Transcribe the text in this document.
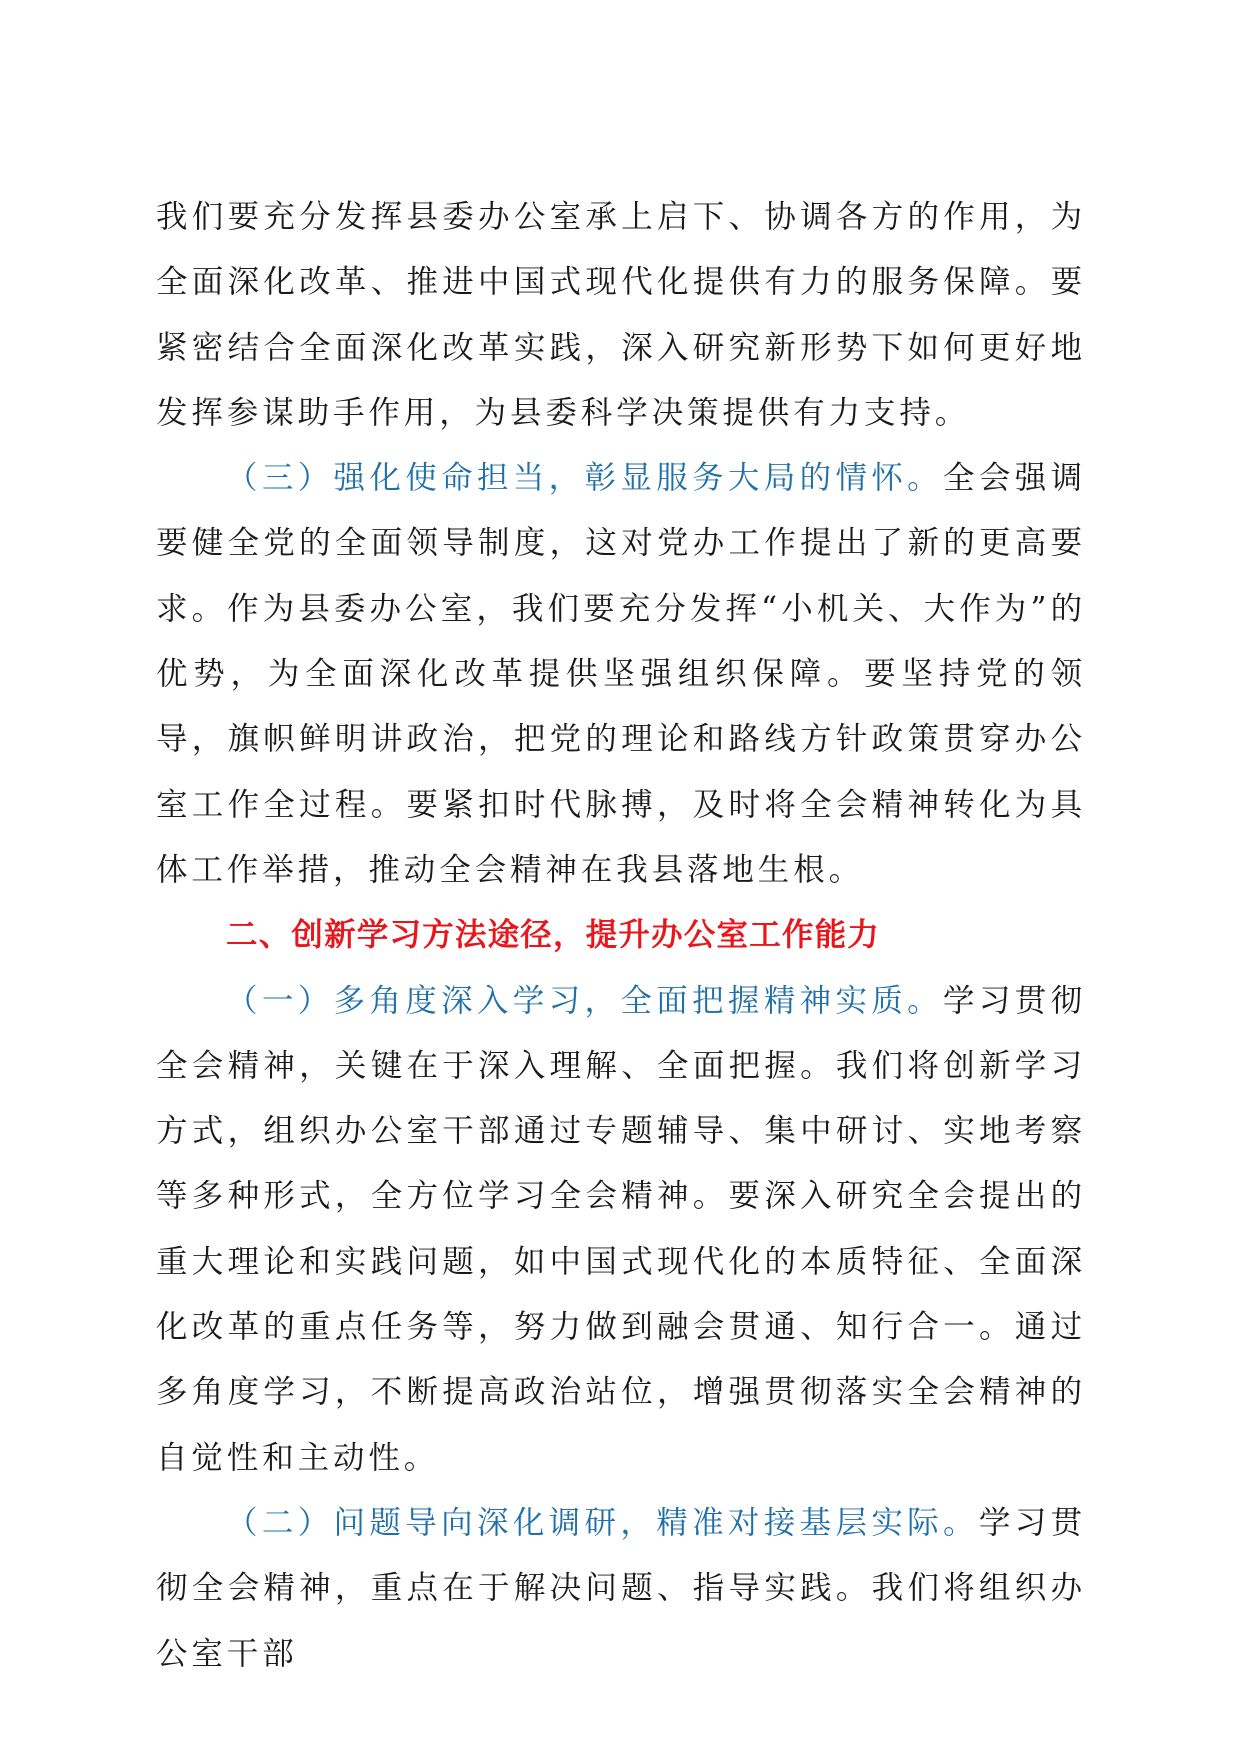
我们要充分发挥县委办公室承上启下、协调各方的作用，为全面深化改革、推进中国式现代化提供有力的服务保障。要紧密结合全面深化改革实践，深入研究新形势下如何更好地发挥参谋助手作用，为县委科学决策提供有力支持。

（三）强化使命担当，彰显服务大局的情怀。全会强调要健全党的全面领导制度，这对党办工作提出了新的更高要求。作为县委办公室，我们要充分发挥“小机关、大作为”的优势，为全面深化改革提供坚强组织保障。要坚持党的领导，旗帜鲜明讲政治，把党的理论和路线方针政策贯穿办公室工作全过程。要紧扣时代脉搏，及时将全会精神转化为具体工作举措，推动全会精神在我县落地生根。

二、创新学习方法途径，提升办公室工作能力

（一）多角度深入学习，全面把握精神实质。学习贯彻全会精神，关键在于深入理解、全面把握。我们将创新学习方式，组织办公室干部通过专题辅导、集中研讨、实地考察等多种形式，全方位学习全会精神。要深入研究全会提出的重大理论和实践问题，如中国式现代化的本质特征、全面深化改革的重点任务等，努力做到融会贯通、知行合一。通过多角度学习，不断提高政治站位，增强贯彻落实全会精神的自觉性和主动性。

（二）问题导向深化调研，精准对接基层实际。学习贯彻全会精神，重点在于解决问题、指导实践。我们将组织办公室干部
